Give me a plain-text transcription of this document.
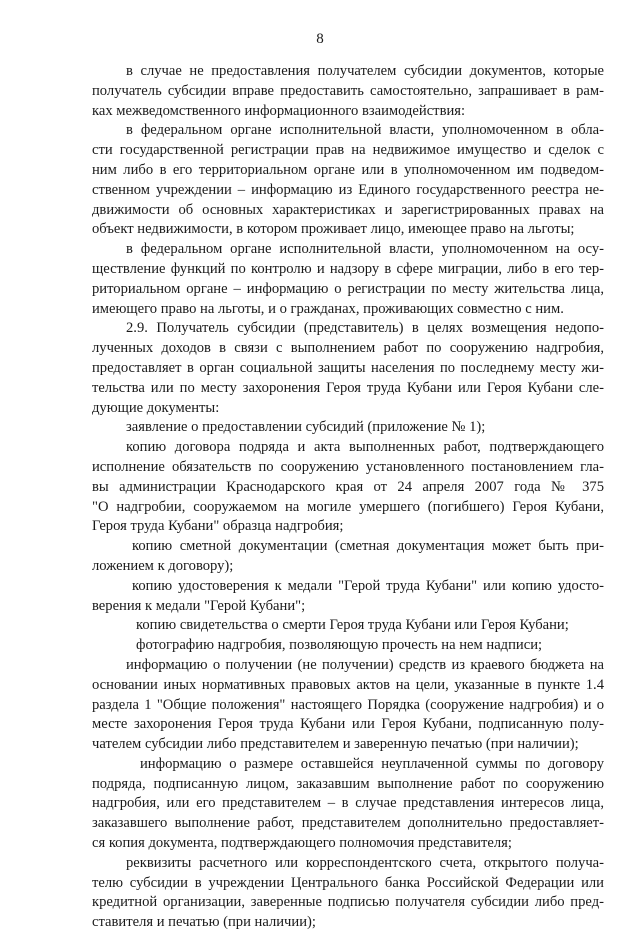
8
в случае не предоставления получателем субсидии документов, которые
получатель субсидии вправе предоставить самостоятельно, запрашивает в рам-
ках межведомственного информационного взаимодействия:
в федеральном органе исполнительной власти, уполномоченном в обла-
сти государственной регистрации прав на недвижимое имущество и сделок с
ним либо в его территориальном органе или в уполномоченном им подведом-
ственном учреждении – информацию из Единого государственного реестра не-
движимости об основных характеристиках и зарегистрированных правах на
объект недвижимости, в котором проживает лицо, имеющее право на льготы;
в федеральном органе исполнительной власти, уполномоченном на осу-
ществление функций по контролю и надзору в сфере миграции, либо в его тер-
риториальном органе – информацию о регистрации по месту жительства лица,
имеющего право на льготы, и о гражданах, проживающих совместно с ним.
2.9. Получатель субсидии (представитель) в целях возмещения недопо-
лученных доходов в связи с выполнением работ по сооружению надгробия,
предоставляет в орган социальной защиты населения по последнему месту жи-
тельства или по месту захоронения Героя труда Кубани или Героя Кубани сле-
дующие документы:
заявление о предоставлении субсидий (приложение № 1);
копию договора подряда и акта выполненных работ, подтверждающего
исполнение обязательств по сооружению установленного постановлением гла-
вы администрации Краснодарского края от 24 апреля 2007 года № 375
"О надгробии, сооружаемом на могиле умершего (погибшего) Героя Кубани,
Героя труда Кубани" образца надгробия;
копию сметной документации (сметная документация может быть при-
ложением к договору);
копию удостоверения к медали "Герой труда Кубани" или копию удосто-
верения к медали "Герой Кубани";
копию свидетельства о смерти Героя труда Кубани или Героя Кубани;
фотографию надгробия, позволяющую прочесть на нем надписи;
информацию о получении (не получении) средств из краевого бюджета на
основании иных нормативных правовых актов на цели, указанные в пункте 1.4
раздела 1 "Общие положения" настоящего Порядка (сооружение надгробия) и о
месте захоронения Героя труда Кубани или Героя Кубани, подписанную полу-
чателем субсидии либо представителем и заверенную печатью (при наличии);
информацию о размере оставшейся неуплаченной суммы по договору
подряда, подписанную лицом, заказавшим выполнение работ по сооружению
надгробия, или его представителем – в случае представления интересов лица,
заказавшего выполнение работ, представителем дополнительно предоставляет-
ся копия документа, подтверждающего полномочия представителя;
реквизиты расчетного или корреспондентского счета, открытого получа-
телю субсидии в учреждении Центрального банка Российской Федерации или
кредитной организации, заверенные подписью получателя субсидии либо пред-
ставителя и печатью (при наличии);
